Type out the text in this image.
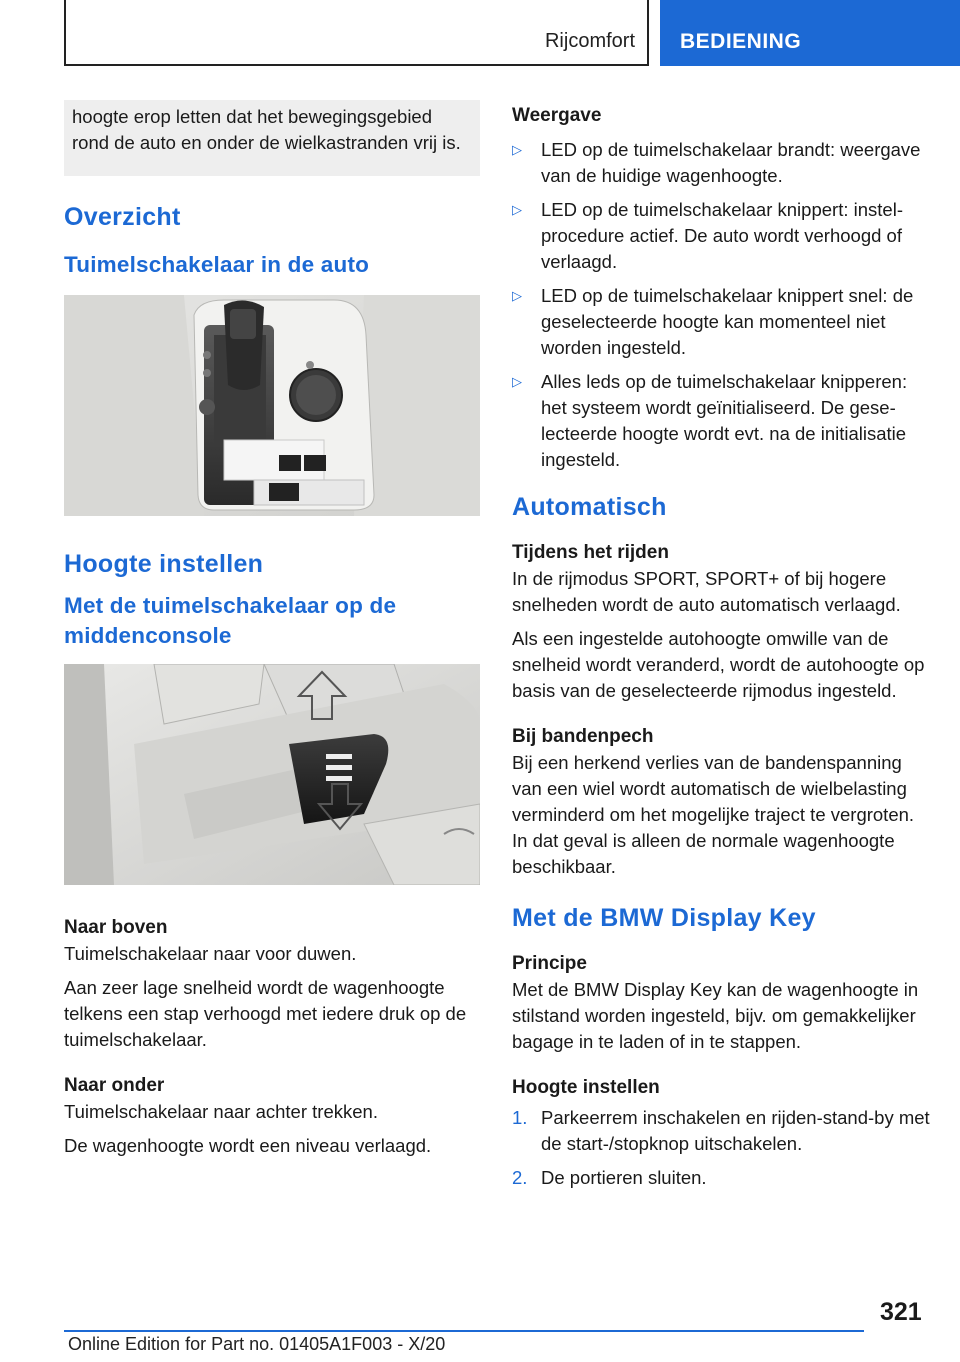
Rijcomfort BEDIENING
hoogte erop letten dat het bewegingsgebied rond de auto en onder de wielkastranden vrij is.
Overzicht
Tuimelschakelaar in de auto
Hoogte instellen
Met de tuimelschakelaar op de middenconsole
Naar boven

Tuimelschakelaar naar voor duwen.

Aan zeer lage snelheid wordt de wagenhoogte telkens een stap verhoogd met iedere druk op de tuimelschakelaar.

Naar onder

Tuimelschakelaar naar achter trekken.

De wagenhoogte wordt een niveau verlaagd.

Weergave
▷ LED op de tuimelschakelaar brandt: weergave van de huidige wagenhoogte.
▷ LED op de tuimelschakelaar knippert: instelprocedure actief. De auto wordt verhoogd of verlaagd.
▷ LED op de tuimelschakelaar knippert snel: de geselecteerde hoogte kan momenteel niet worden ingesteld.
▷ Alles leds op de tuimelschakelaar knipperen: het systeem wordt geïnitialiseerd. De geselecteerde hoogte wordt evt. na de initialisatie ingesteld.
Automatisch
Tijdens het rijden

In de rijmodus SPORT, SPORT+ of bij hogere snelheden wordt de auto automatisch verlaagd.

Als een ingestelde autohoogte omwille van de snelheid wordt veranderd, wordt de autohoogte op basis van de geselecteerde rijmodus ingesteld.

Bij bandenpech

Bij een herkend verlies van de bandenspanning van een wiel wordt automatisch de wielbelasting verminderd om het mogelijke traject te vergroten. In dat geval is alleen de normale wagenhoogte beschikbaar.

Met de BMW Display Key
Principe

Met de BMW Display Key kan de wagenhoogte in stilstand worden ingesteld, bijv. om gemakkelijker bagage in te laden of in te stappen.

Hoogte instellen
1. Parkeerrem inschakelen en rijden-stand-by met de start-/stopknop uitschakelen.
2. De portieren sluiten.
321
Online Edition for Part no. 01405A1F003 - X/20
